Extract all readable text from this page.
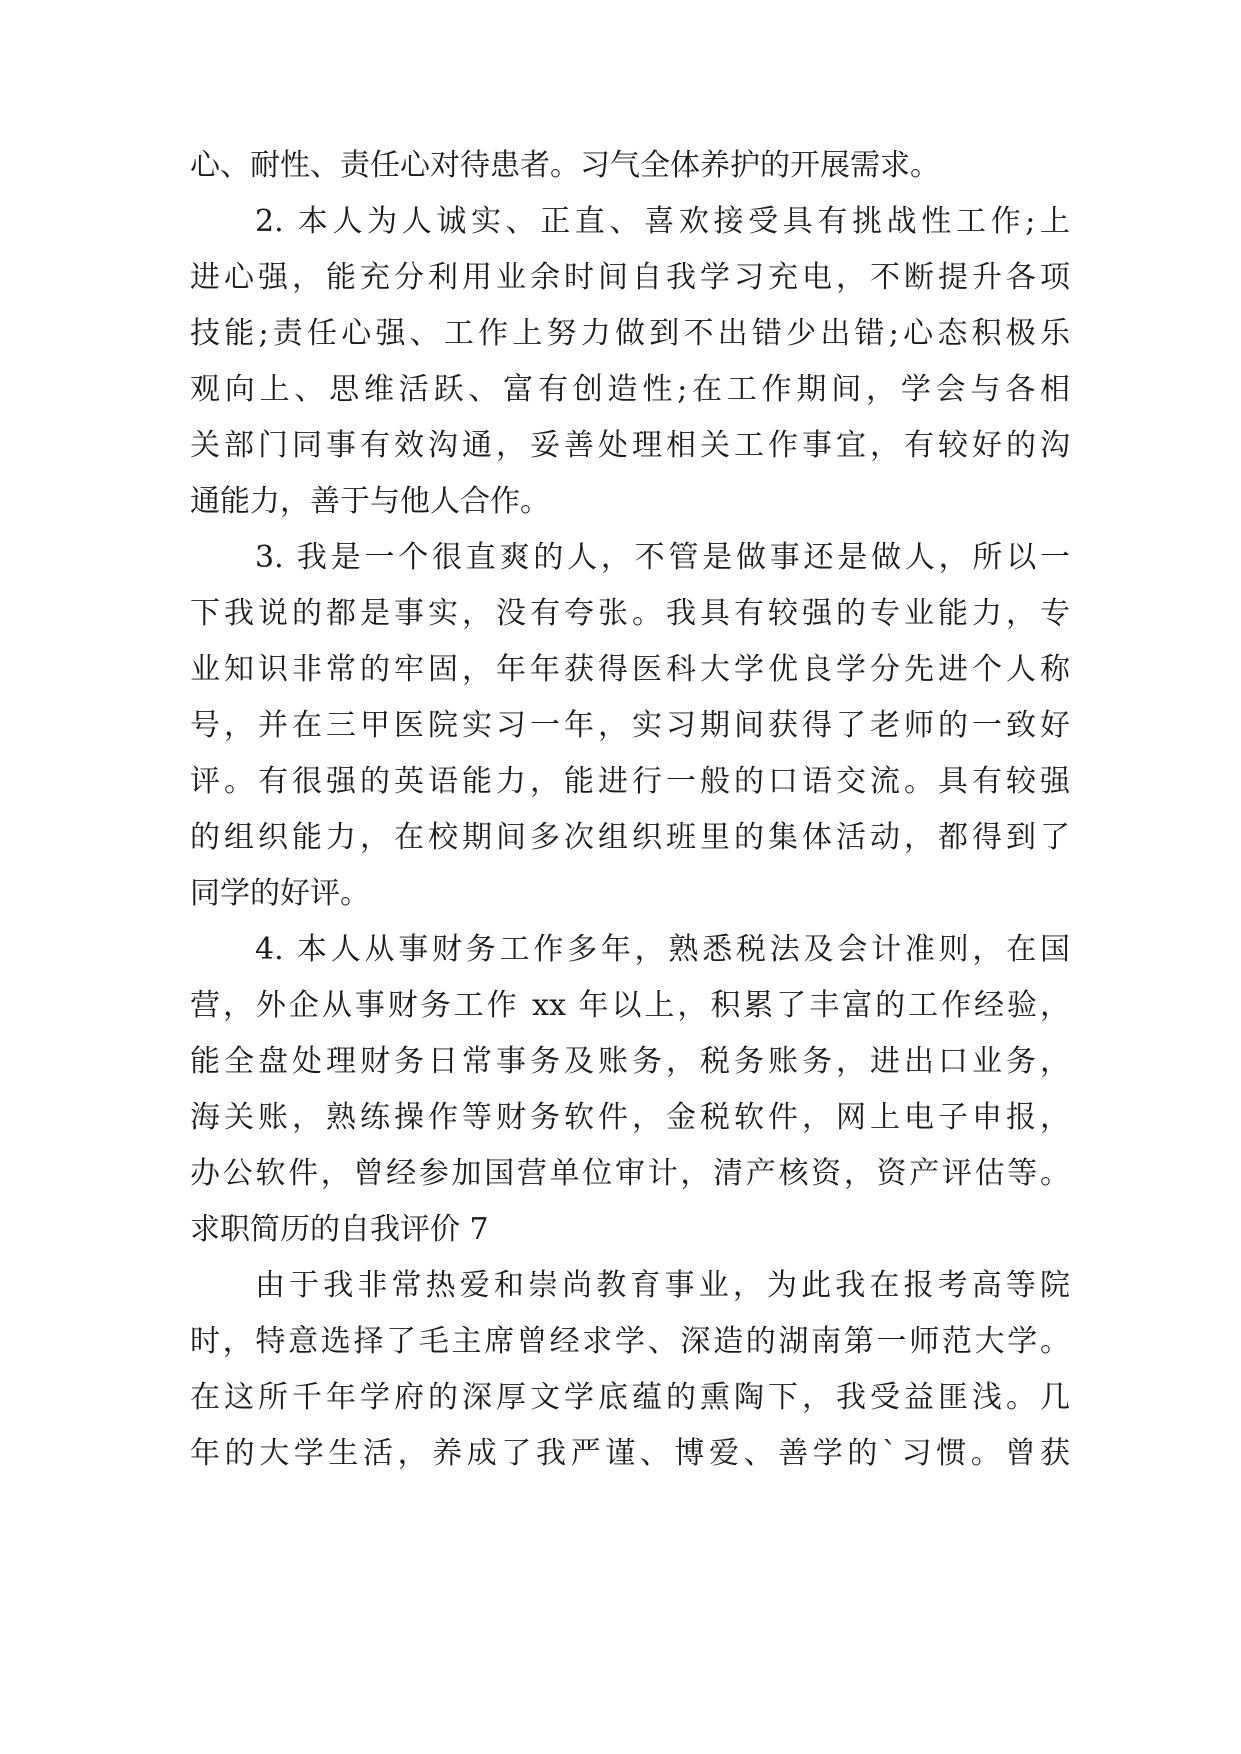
心、耐性、责任心对待患者。习气全体养护的开展需求。
2. 本人为人诚实、正直、喜欢接受具有挑战性工作;上
进心强，能充分利用业余时间自我学习充电，不断提升各项
技能;责任心强、工作上努力做到不出错少出错;心态积极乐
观向上、思维活跃、富有创造性;在工作期间，学会与各相
关部门同事有效沟通，妥善处理相关工作事宜，有较好的沟
通能力，善于与他人合作。
3. 我是一个很直爽的人，不管是做事还是做人，所以一
下我说的都是事实，没有夸张。我具有较强的专业能力，专
业知识非常的牢固，年年获得医科大学优良学分先进个人称
号，并在三甲医院实习一年，实习期间获得了老师的一致好
评。有很强的英语能力，能进行一般的口语交流。具有较强
的组织能力，在校期间多次组织班里的集体活动，都得到了
同学的好评。
4. 本人从事财务工作多年，熟悉税法及会计准则，在国
营，外企从事财务工作 xx 年以上，积累了丰富的工作经验，
能全盘处理财务日常事务及账务，税务账务，进出口业务，
海关账，熟练操作等财务软件，金税软件，网上电子申报，
办公软件，曾经参加国营单位审计，清产核资，资产评估等。
求职简历的自我评价 7
由于我非常热爱和崇尚教育事业，为此我在报考高等院
时，特意选择了毛主席曾经求学、深造的湖南第一师范大学。
在这所千年学府的深厚文学底蕴的熏陶下，我受益匪浅。几
年的大学生活，养成了我严谨、博爱、善学的`习惯。曾获
